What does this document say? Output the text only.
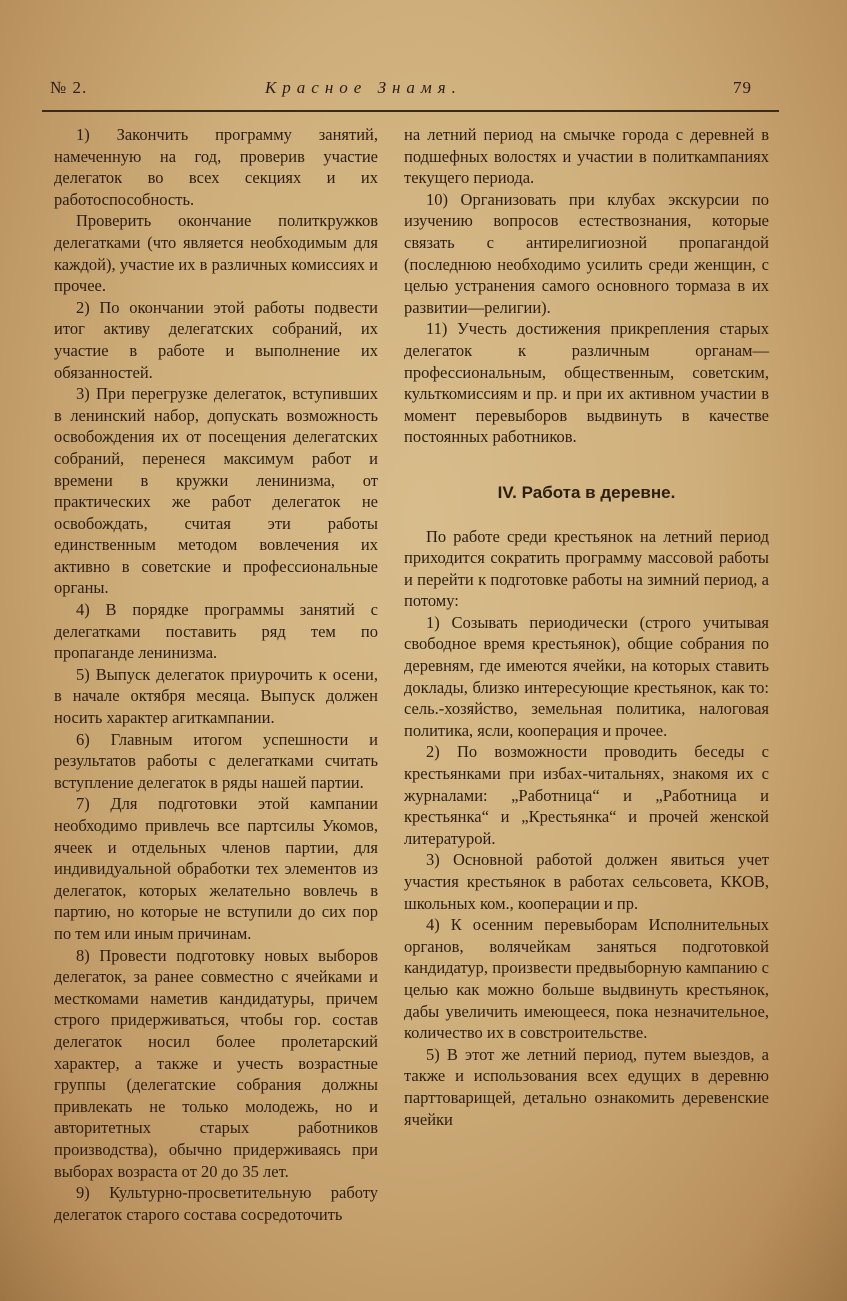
№ 2.	Красное Знамя.	79

1) Закончить программу занятий, намеченную на год, проверив участие делегаток во всех секциях и их работоспособность.

Проверить окончание политкружков делегатками (что является необходимым для каждой), участие их в различных комиссиях и прочее.

2) По окончании этой работы подвести итог активу делегатских собраний, их участие в работе и выполнение их обязанностей.

3) При перегрузке делегаток, вступивших в ленинский набор, допускать возможность освобождения их от посещения делегатских собраний, перенеся максимум работ и времени в кружки ленинизма, от практических же работ делегаток не освобождать, считая эти работы единственным методом вовлечения их активно в советские и профессиональные органы.

4) В порядке программы занятий с делегатками поставить ряд тем по пропаганде ленинизма.

5) Выпуск делегаток приурочить к осени, в начале октября месяца. Выпуск должен носить характер агиткампании.

6) Главным итогом успешности и результатов работы с делегатками считать вступление делегаток в ряды нашей партии.

7) Для подготовки этой кампании необходимо привлечь все партсилы Укомов, ячеек и отдельных членов партии, для индивидуальной обработки тех элементов из делегаток, которых желательно вовлечь в партию, но которые не вступили до сих пор по тем или иным причинам.

8) Провести подготовку новых выборов делегаток, за ранее совместно с ячейками и месткомами наметив кандидатуры, причем строго придерживаться, чтобы гор. состав делегаток носил более пролетарский характер, а также и учесть возрастные группы (делегатские собрания должны привлекать не только молодежь, но и авторитетных старых работников производства), обычно придерживаясь при выборах возраста от 20 до 35 лет.

9) Культурно-просветительную работу делегаток старого состава сосредоточить

на летний период на смычке города с деревней в подшефных волостях и участии в политкампаниях текущего периода.

10) Организовать при клубах экскурсии по изучению вопросов естествознания, которые связать с антирелигиозной пропагандой (последнюю необходимо усилить среди женщин, с целью устранения самого основного тормаза в их развитии—религии).

11) Учесть достижения прикрепления старых делегаток к различным органам—профессиональным, общественным, советским, культкомиссиям и пр. и при их активном участии в момент перевыборов выдвинуть в качестве постоянных работников.

IV. Работа в деревне.

По работе среди крестьянок на летний период приходится сократить программу массовой работы и перейти к подготовке работы на зимний период, а потому:

1) Созывать периодически (строго учитывая свободное время крестьянок), общие собрания по деревням, где имеются ячейки, на которых ставить доклады, близко интересующие крестьянок, как то: сель.-хозяйство, земельная политика, налоговая политика, ясли, кооперация и прочее.

2) По возможности проводить беседы с крестьянками при избах-читальнях, знакомя их с журналами: „Работница“ и „Работница и крестьянка“ и „Крестьянка“ и прочей женской литературой.

3) Основной работой должен явиться учет участия крестьянок в работах сельсовета, ККОВ, школьных ком., кооперации и пр.

4) К осенним перевыборам Исполнительных органов, волячейкам заняться подготовкой кандидатур, произвести предвыборную кампанию с целью как можно больше выдвинуть крестьянок, дабы увеличить имеющееся, пока незначительное, количество их в совстроительстве.

5) В этот же летний период, путем выездов, а также и использования всех едущих в деревню парттоварищей, детально ознакомить деревенские ячейки
